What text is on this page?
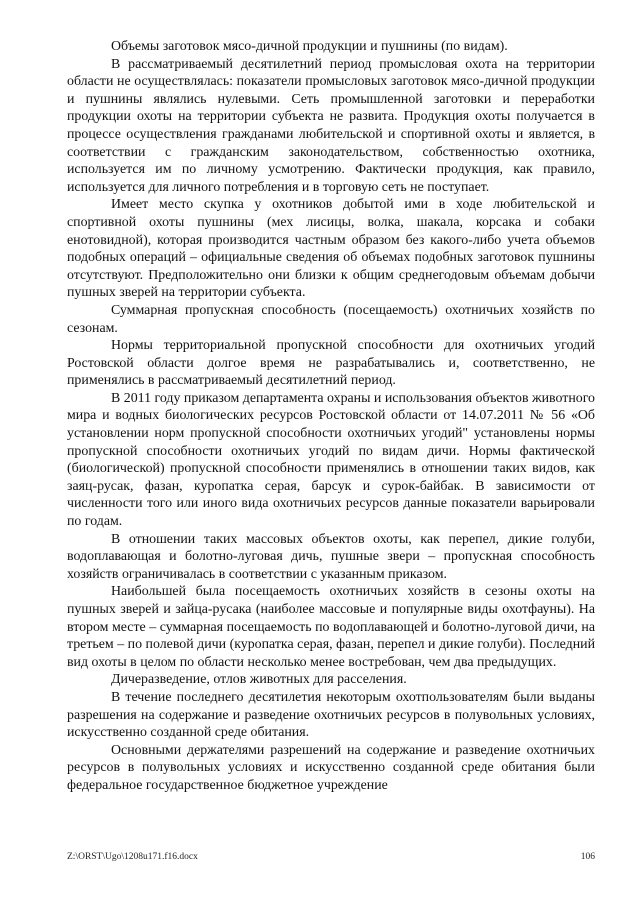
Объемы заготовок мясо-дичной продукции и пушнины (по видам).

В рассматриваемый десятилетний период промысловая охота на территории области не осуществлялась: показатели промысловых заготовок мясо-дичной продукции и пушнины являлись нулевыми. Сеть промышленной заготовки и переработки продукции охоты на территории субъекта не развита. Продукция охоты получается в процессе осуществления гражданами любительской и спортивной охоты и является, в соответствии с гражданским законодательством, собственностью охотника, используется им по личному усмотрению. Фактически продукция, как правило, используется для личного потребления и в торговую сеть не поступает.

Имеет место скупка у охотников добытой ими в ходе любительской и спортивной охоты пушнины (мех лисицы, волка, шакала, корсака и собаки енотовидной), которая производится частным образом без какого-либо учета объемов подобных операций – официальные сведения об объемах подобных заготовок пушнины отсутствуют. Предположительно они близки к общим среднегодовым объемам добычи пушных зверей на территории субъекта.

Суммарная пропускная способность (посещаемость) охотничьих хозяйств по сезонам.

Нормы территориальной пропускной способности для охотничьих угодий Ростовской области долгое время не разрабатывались и, соответственно, не применялись в рассматриваемый десятилетний период.

В 2011 году приказом департамента охраны и использования объектов животного мира и водных биологических ресурсов Ростовской области от 14.07.2011 № 56 «Об установлении норм пропускной способности охотничьих угодий" установлены нормы пропускной способности охотничьих угодий по видам дичи. Нормы фактической (биологической) пропускной способности применялись в отношении таких видов, как заяц-русак, фазан, куропатка серая, барсук и сурок-байбак. В зависимости от численности того или иного вида охотничьих ресурсов данные показатели варьировали по годам.

В отношении таких массовых объектов охоты, как перепел, дикие голуби, водоплавающая и болотно-луговая дичь, пушные звери – пропускная способность хозяйств ограничивалась в соответствии с указанным приказом.

Наибольшей была посещаемость охотничьих хозяйств в сезоны охоты на пушных зверей и зайца-русака (наиболее массовые и популярные виды охотфауны). На втором месте – суммарная посещаемость по водоплавающей и болотно-луговой дичи, на третьем – по полевой дичи (куропатка серая, фазан, перепел и дикие голуби). Последний вид охоты в целом по области несколько менее востребован, чем два предыдущих.

Дичеразведение, отлов животных для расселения.

В течение последнего десятилетия некоторым охотпользователям были выданы разрешения на содержание и разведение охотничьих ресурсов в полувольных условиях, искусственно созданной среде обитания.

Основными держателями разрешений на содержание и разведение охотничьих ресурсов в полувольных условиях и искусственно созданной среде обитания были федеральное государственное бюджетное учреждение

Z:\ORST\Ugo\1208u171.f16.docx	106
